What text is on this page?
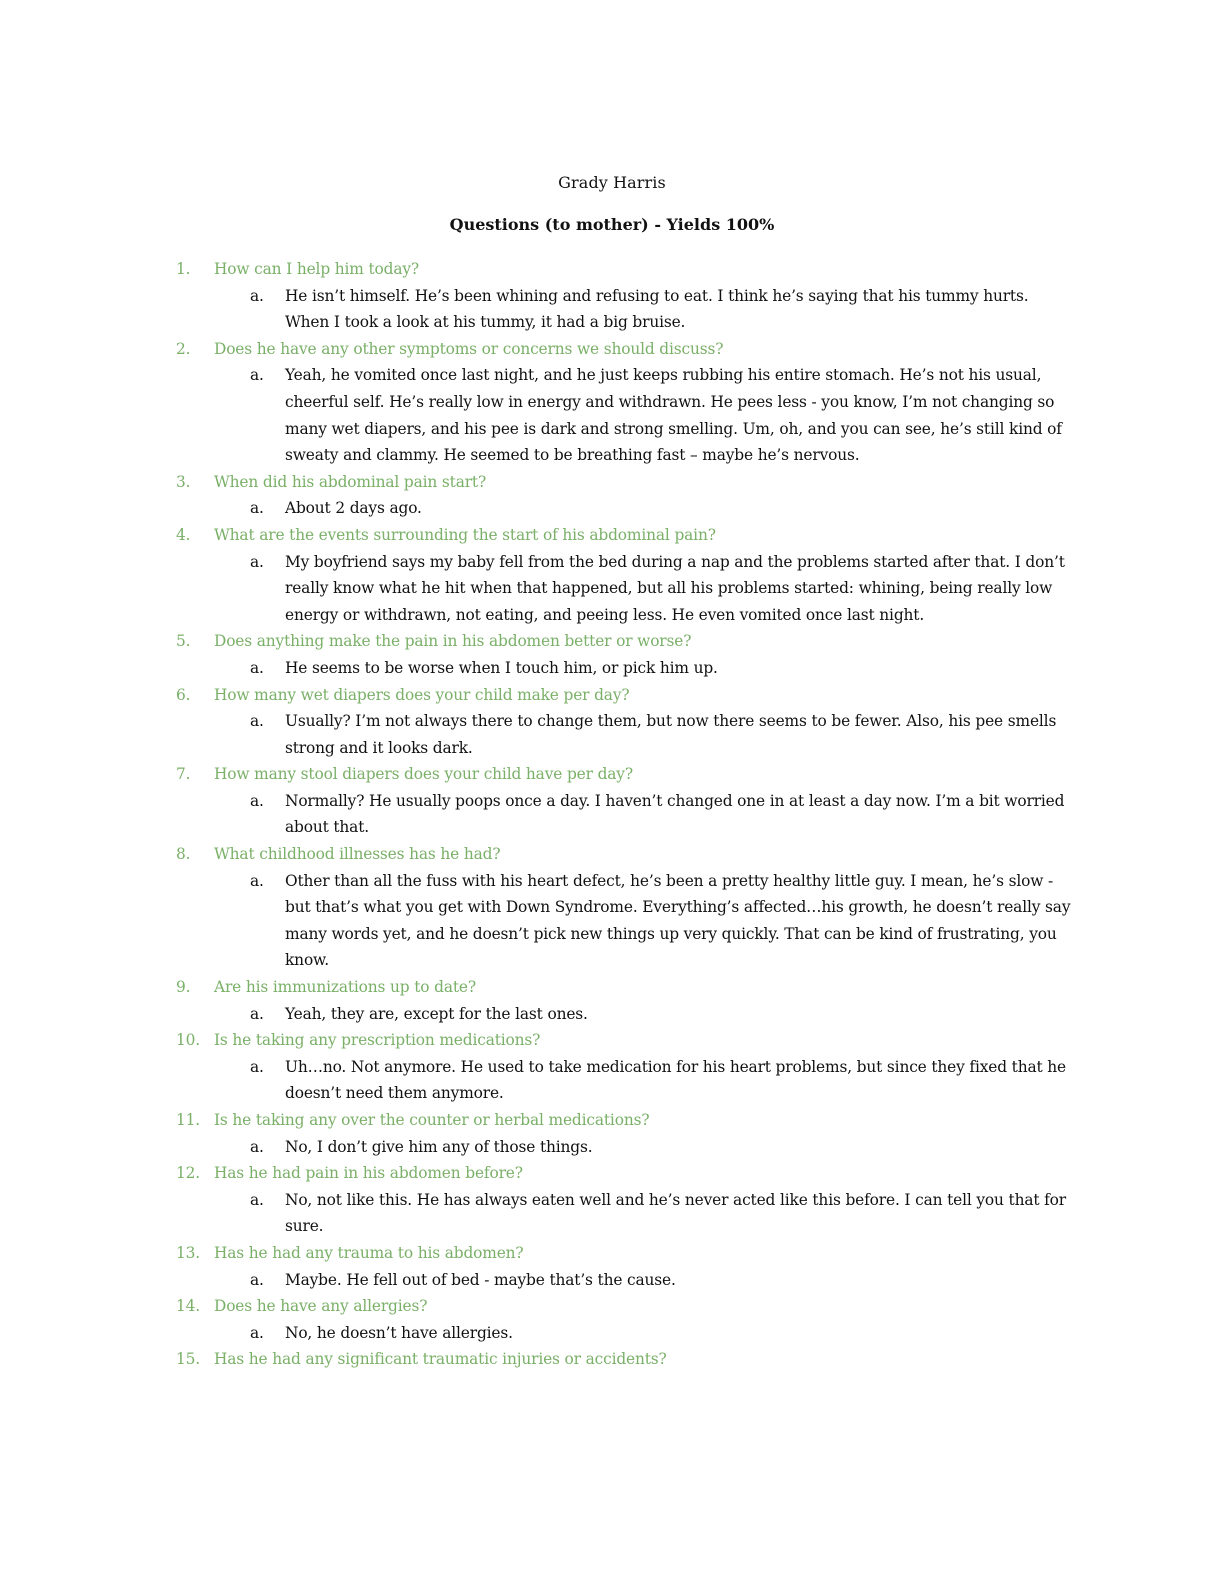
Grady Harris
Questions (to mother) - Yields 100%
1.	How can I help him today?
a.	He isn’t himself. He’s been whining and refusing to eat. I think he’s saying that his tummy hurts. When I took a look at his tummy, it had a big bruise.
2.	Does he have any other symptoms or concerns we should discuss?
a.	Yeah, he vomited once last night, and he just keeps rubbing his entire stomach. He’s not his usual, cheerful self. He’s really low in energy and withdrawn. He pees less - you know, I’m not changing so many wet diapers, and his pee is dark and strong smelling. Um, oh, and you can see, he’s still kind of sweaty and clammy. He seemed to be breathing fast – maybe he’s nervous.
3.	When did his abdominal pain start?
a.	About 2 days ago.
4.	What are the events surrounding the start of his abdominal pain?
a.	My boyfriend says my baby fell from the bed during a nap and the problems started after that. I don’t really know what he hit when that happened, but all his problems started: whining, being really low energy or withdrawn, not eating, and peeing less. He even vomited once last night.
5.	Does anything make the pain in his abdomen better or worse?
a.	He seems to be worse when I touch him, or pick him up.
6.	How many wet diapers does your child make per day?
a.	Usually? I’m not always there to change them, but now there seems to be fewer. Also, his pee smells strong and it looks dark.
7.	How many stool diapers does your child have per day?
a.	Normally? He usually poops once a day. I haven’t changed one in at least a day now. I’m a bit worried about that.
8.	What childhood illnesses has he had?
a.	Other than all the fuss with his heart defect, he’s been a pretty healthy little guy. I mean, he’s slow - but that’s what you get with Down Syndrome. Everything’s affected…his growth, he doesn’t really say many words yet, and he doesn’t pick new things up very quickly. That can be kind of frustrating, you know.
9.	Are his immunizations up to date?
a.	Yeah, they are, except for the last ones.
10. Is he taking any prescription medications?
a.	Uh…no. Not anymore. He used to take medication for his heart problems, but since they fixed that he doesn’t need them anymore.
11. Is he taking any over the counter or herbal medications?
a.	No, I don’t give him any of those things.
12. Has he had pain in his abdomen before?
a.	No, not like this. He has always eaten well and he’s never acted like this before. I can tell you that for sure.
13. Has he had any trauma to his abdomen?
a.	Maybe. He fell out of bed - maybe that’s the cause.
14. Does he have any allergies?
a.	No, he doesn’t have allergies.
15. Has he had any significant traumatic injuries or accidents?
